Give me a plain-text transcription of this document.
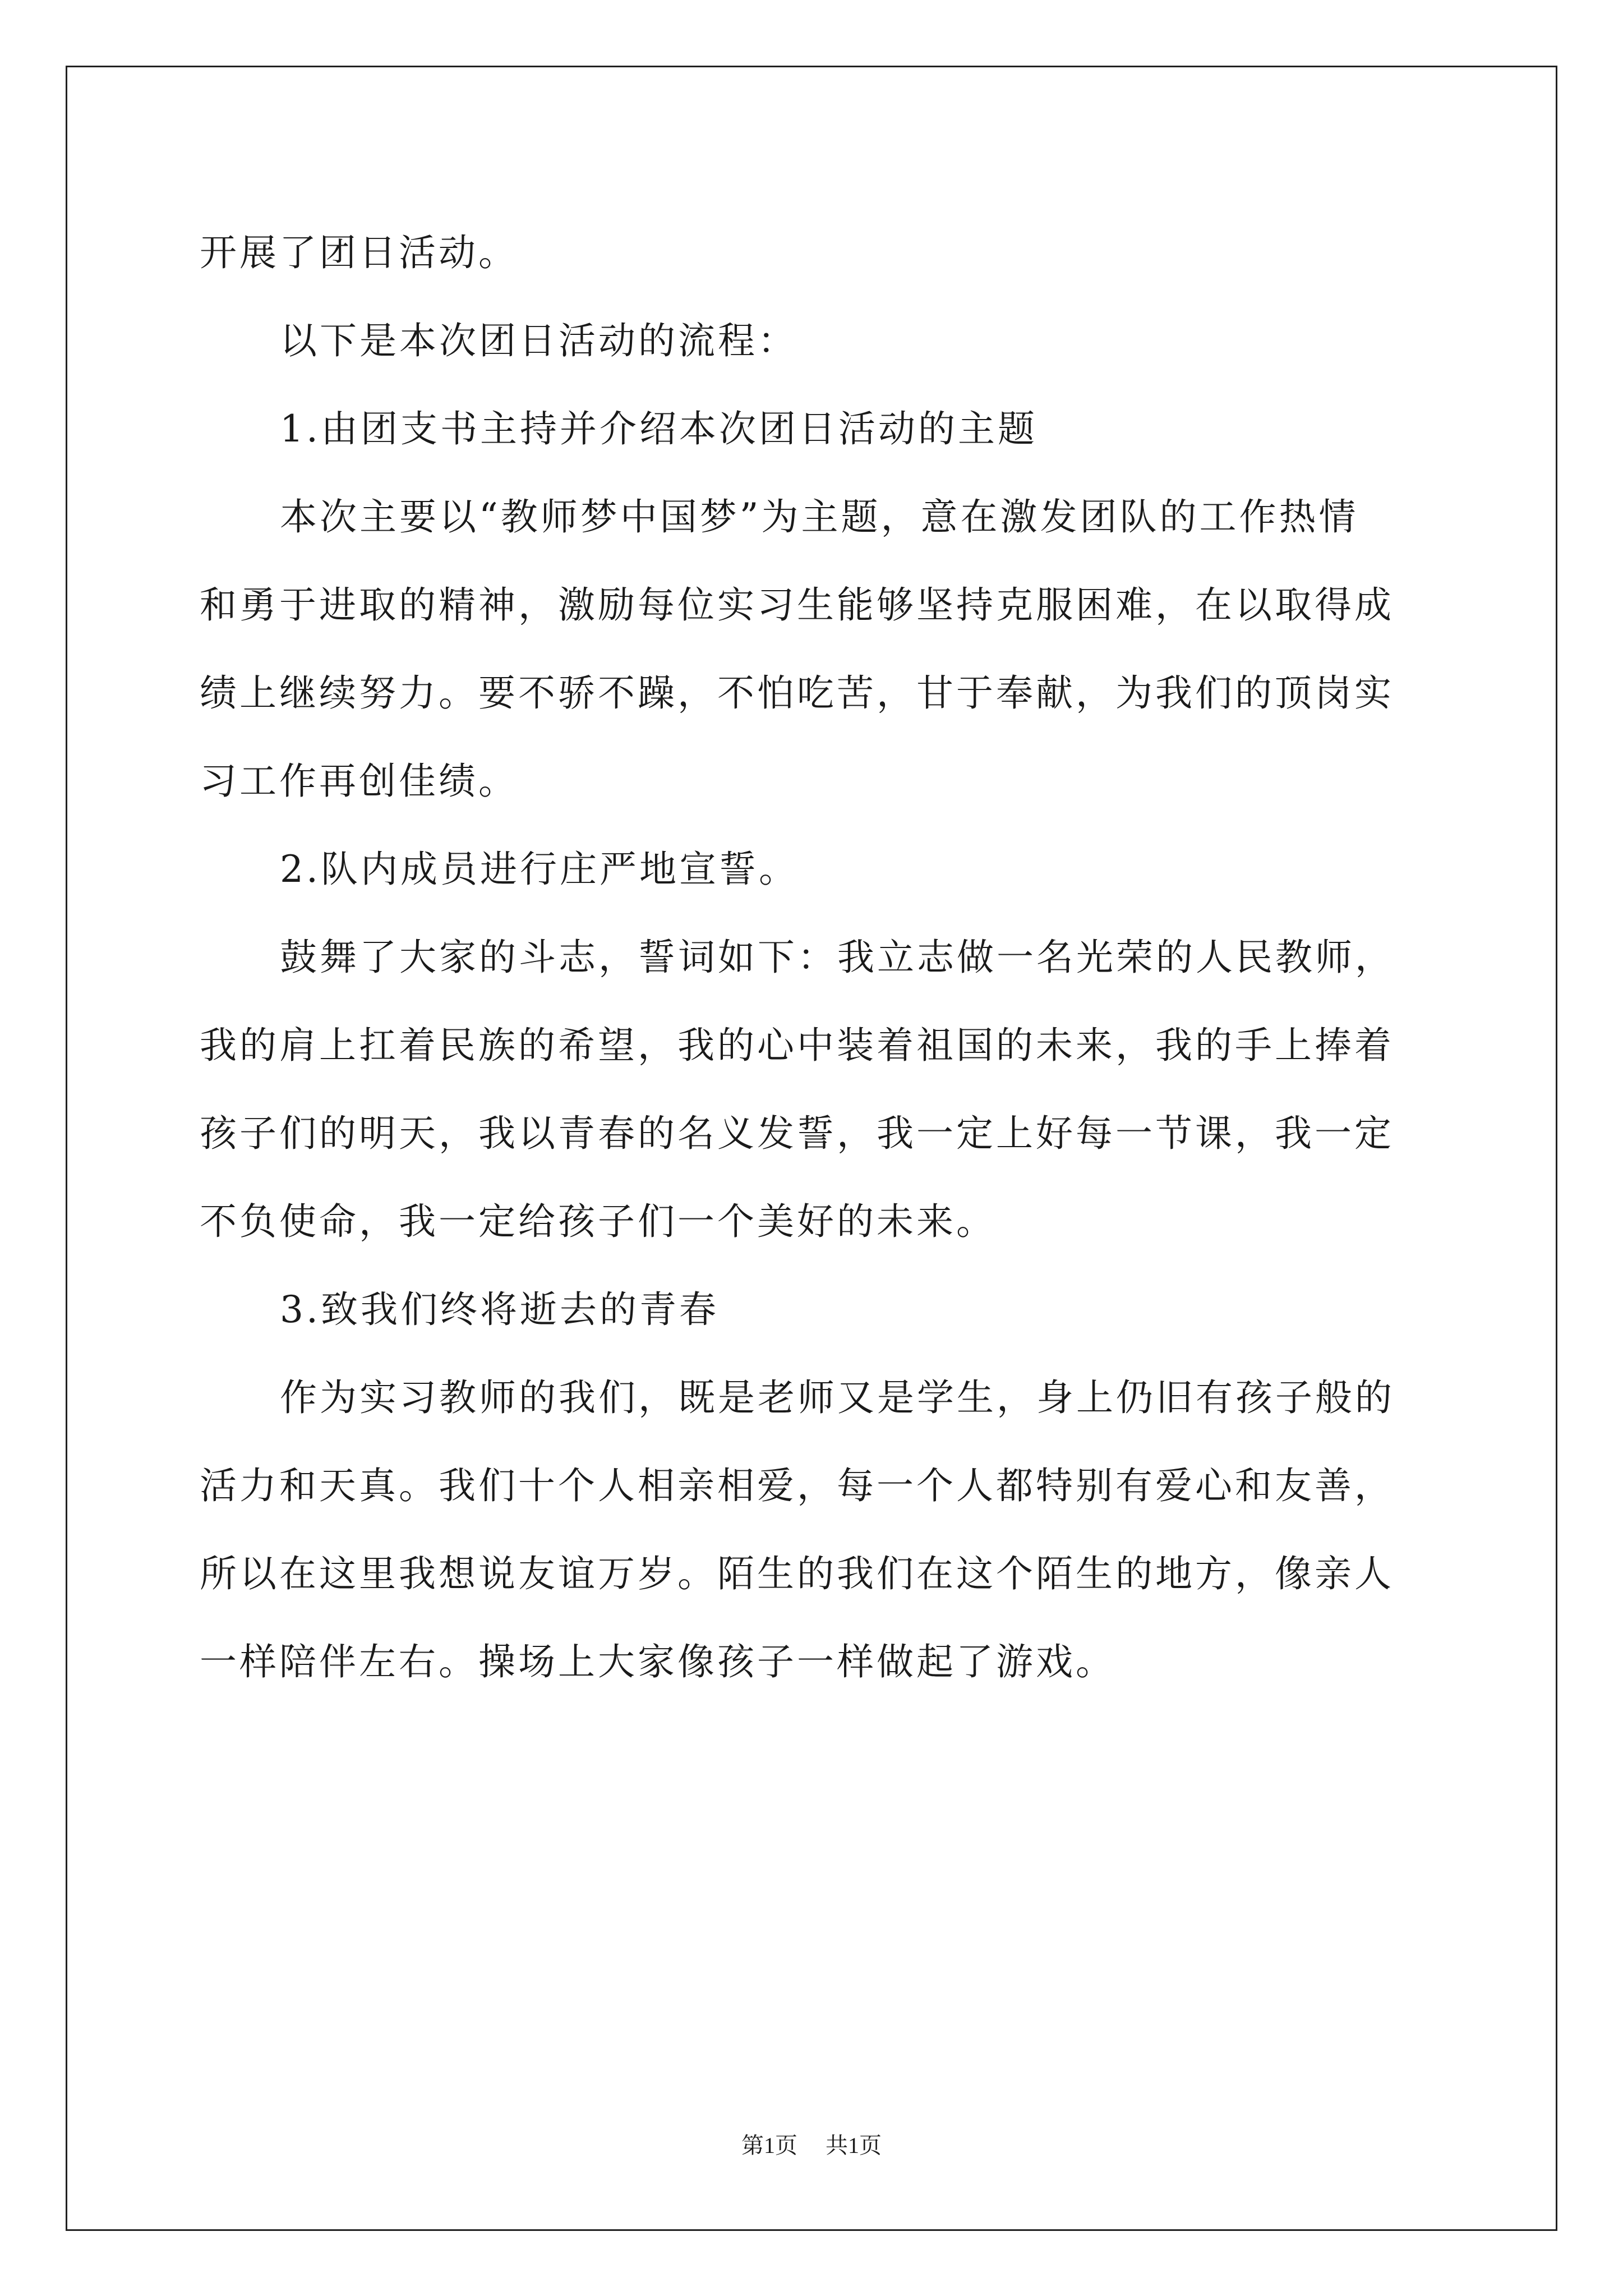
开展了团日活动。

以下是本次团日活动的流程：

1.由团支书主持并介绍本次团日活动的主题

本次主要以“教师梦中国梦”为主题，意在激发团队的工作热情

和勇于进取的精神，激励每位实习生能够坚持克服困难，在以取得成

绩上继续努力。要不骄不躁，不怕吃苦，甘于奉献，为我们的顶岗实

习工作再创佳绩。

2.队内成员进行庄严地宣誓。

鼓舞了大家的斗志，誓词如下：我立志做一名光荣的人民教师，

我的肩上扛着民族的希望，我的心中装着祖国的未来，我的手上捧着

孩子们的明天，我以青春的名义发誓，我一定上好每一节课，我一定

不负使命，我一定给孩子们一个美好的未来。

3.致我们终将逝去的青春

作为实习教师的我们，既是老师又是学生，身上仍旧有孩子般的

活力和天真。我们十个人相亲相爱，每一个人都特别有爱心和友善，

所以在这里我想说友谊万岁。陌生的我们在这个陌生的地方，像亲人

一样陪伴左右。操场上大家像孩子一样做起了游戏。

第1页 共1页
